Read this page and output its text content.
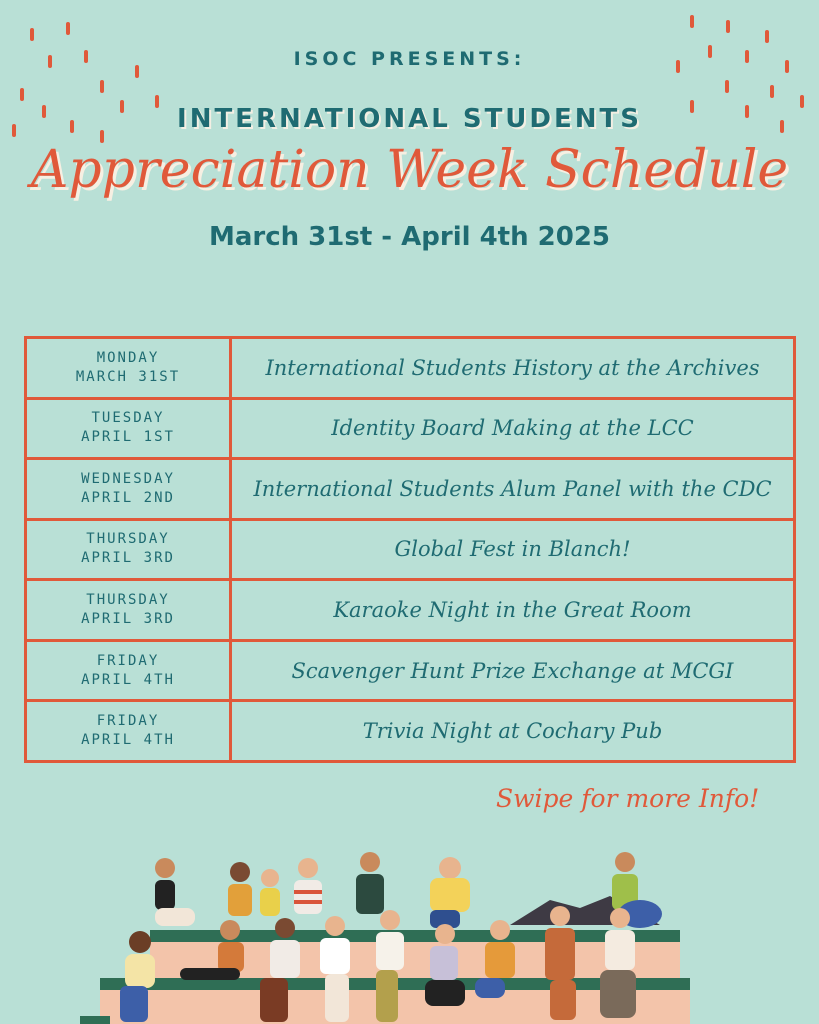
ISOC PRESENTS:
INTERNATIONAL STUDENTS
Appreciation Week Schedule
March 31st - April 4th 2025
MONDAY
MARCH 31ST	International Students History at the Archives
TUESDAY
APRIL 1ST	Identity Board Making at the LCC
WEDNESDAY
APRIL 2ND	International Students Alum Panel with the CDC
THURSDAY
APRIL 3RD	Global Fest in Blanch!
THURSDAY
APRIL 3RD	Karaoke Night in the Great Room
FRIDAY
APRIL 4TH	Scavenger Hunt Prize Exchange at MCGI
FRIDAY
APRIL 4TH	Trivia Night at Cochary Pub
Swipe for more Info!
